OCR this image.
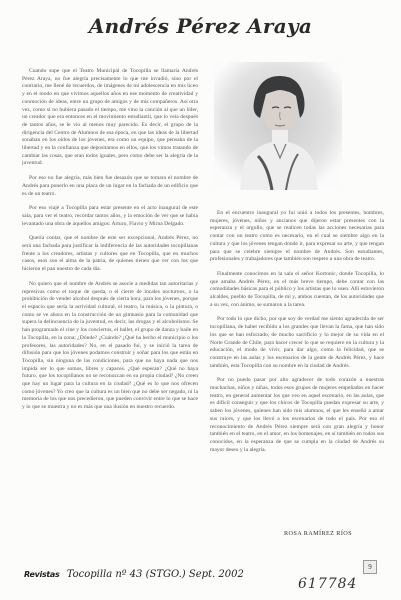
Andrés Pérez Araya

Cuando supe que el Teatro Municipal de Tocopilla se llamaría Andrés Pérez Araya, no fue alegría precisamente lo que me invadió, sino por el contrario, me llené de recuerdos, de imágenes de mi adolescencia en mis liceo y en el modo en que vivimos aquellos años en ese momento de creatividad y conmoción de ideas, entre un grupo de amigos y de mis compañeros. Así otra vez, como si no hubiera pasado el tiempo, me vino la canción al que un líder, un creador que era entonces en el movimiento estudiantil, que lo veía después de tantos años, se le vio al menos muy parecido. Es decir, el grupo de la dirigencia del Centro de Alumnos de esa época, en que las ideas de la libertad sonaban en los oídos de los jóvenes, era como un equipo, que pensaba de la libertad y en la confianza que depositamos en ellos, que los vimos tratando de cambiar las cosas, que eran todos iguales, pero como debe ser la alegría de la juventud.

Por eso no fue alegría, más bien fue desazón que se tomara el nombre de Andrés para ponerlo en una placa de un lugar en la fachada de un edificio que es de un teatro.

Por eso viajé a Tocopilla para estar presente en el acto inaugural de este sala, para ver el teatro, recordar tantos años, y la emoción de ver que se había levantado una obra de aquellos amigos: Arturo, Flavio y Mirna Delgado.

Quería contar, que el nombre de este ser excepcional, Andrés Pérez, no será una fachada para justificar la indiferencia de las autoridades tocopillanas frente a los creadores, artistas y cultores que en Tocopilla, que en muchos casos, esos son el alma de la patria, de quienes tienen que ver con los que hicieron el pan nuestro de cada día.

No quiero que el nombre de Andrés se asocie a medidas tan autoritarias y represivas como el toque de queda, o el cierre de locales nocturnos, o la prohibición de vender alcohol después de cierta hora, para los jóvenes, porque el espacio que sería la actividad cultural, el teatro, la música, o la pintura, o como se ve ahora en la construcción de un gimnasio para la comunidad que supera la delincuencia de la juventud, es decir, las drogas y el alcoholismo. Se han programado el cine y los conciertos, el ballet, el grupo de danza y baile en la Tocopilla, en la zona; ¿Dónde? ¿Cuándo? ¿Qué ha hecho el municipio o los profesores, las autoridades? No, en el pasado fui, y se inició la tarea de difusión para que los jóvenes podamos construir y soñar para los que están en Tocopilla, sin ninguna de las condiciones, para que no haya nada que nos impida ser lo que somos, libres y capaces. ¿Qué esperan? ¿Qué no haya futuro, que los tocopillanos no se reconozcan en su propia ciudad? ¿No creen que hay un lugar para la cultura en la ciudad? ¿Qué es lo que nos ofrecen como jóvenes? Yo creo que la cultura es un bien que no debe ser negado, ni la memoria de los que nos precedieron, que pueden convivir entre lo que se hace y lo que se muestra y no es más que una ilusión en nuestro recuerdo.

En el encuentro inaugural yo fui unió a todos los presentes, hombres, mujeres, jóvenes, niños y ancianos que dijeron estar presentes con la esperanza y el orgullo, que se realicen todas las acciones necesarias para contar con un teatro como es necesario, en el cual se siembre algo en la cultura y que los jóvenes tengan donde ir, para expresar su arte, y que tengan para que se celebre siempre el nombre de Andrés. Son estudiantes, profesionales y trabajadores que también son respeto a una obra de teatro.

Finalmente conocimos en la sala el señor Kortonic, donde Tocopilla, lo que amaba Andrés Pérez, en el más breve tiempo, debe contar con las comodidades básicas para el público y los artistas que lo usen. Allí estuvieron alcaldes, pueblo de Tocopilla, de mi y, ambos cuentan, de los autoridades que a su vez, con ánimo, se sumaron a la tarea.

Por todo lo que dicho, por que soy de verdad me siento agradecida de ser tocopillana, de haber recibido a los grandes que llevan la fama, que han sido los que se han esforzado, de mucho sacrificio y lo mejor de su vida en el Norte Grande de Chile, para hacer crecer lo que se requiere en la cultura y la educación, el modo de vivir, para dar algo, como la felicidad, que se construye en las aulas y los escenarios de la gente de Andrés Pérez, y hace también, esta Tocopilla con su nombre en la ciudad de Andrés.

Por no puedo pasar por alto agradecer de todo corazón a nuestras muchachas, niños y niñas, todos esos grupos de mujeres empeñados en hacer teatro, en general aumentar los que veo en aquel escenario, en las aulas, que es difícil conseguir y que los chicos de Tocopilla puedan expresar su arte, y saben los jóvenes, quienes han sido mis alumnos, el que les enseñó a amar sus raíces, y que los llevó a los escenarios de todo el país. Por eso el reconocimiento de Andrés Pérez siempre será con gran alegría y honor también en el teatro, en el amor, en los homenajes, en sí también en todos sus conocidos, en la esperanza de que se cumpla en la ciudad de Andrés su mayor deseo y la alegría.

ROSA RAMÍREZ RÍOS
9
Revistas Tocopilla nº 43 (STGO.) Sept. 2002
617784
